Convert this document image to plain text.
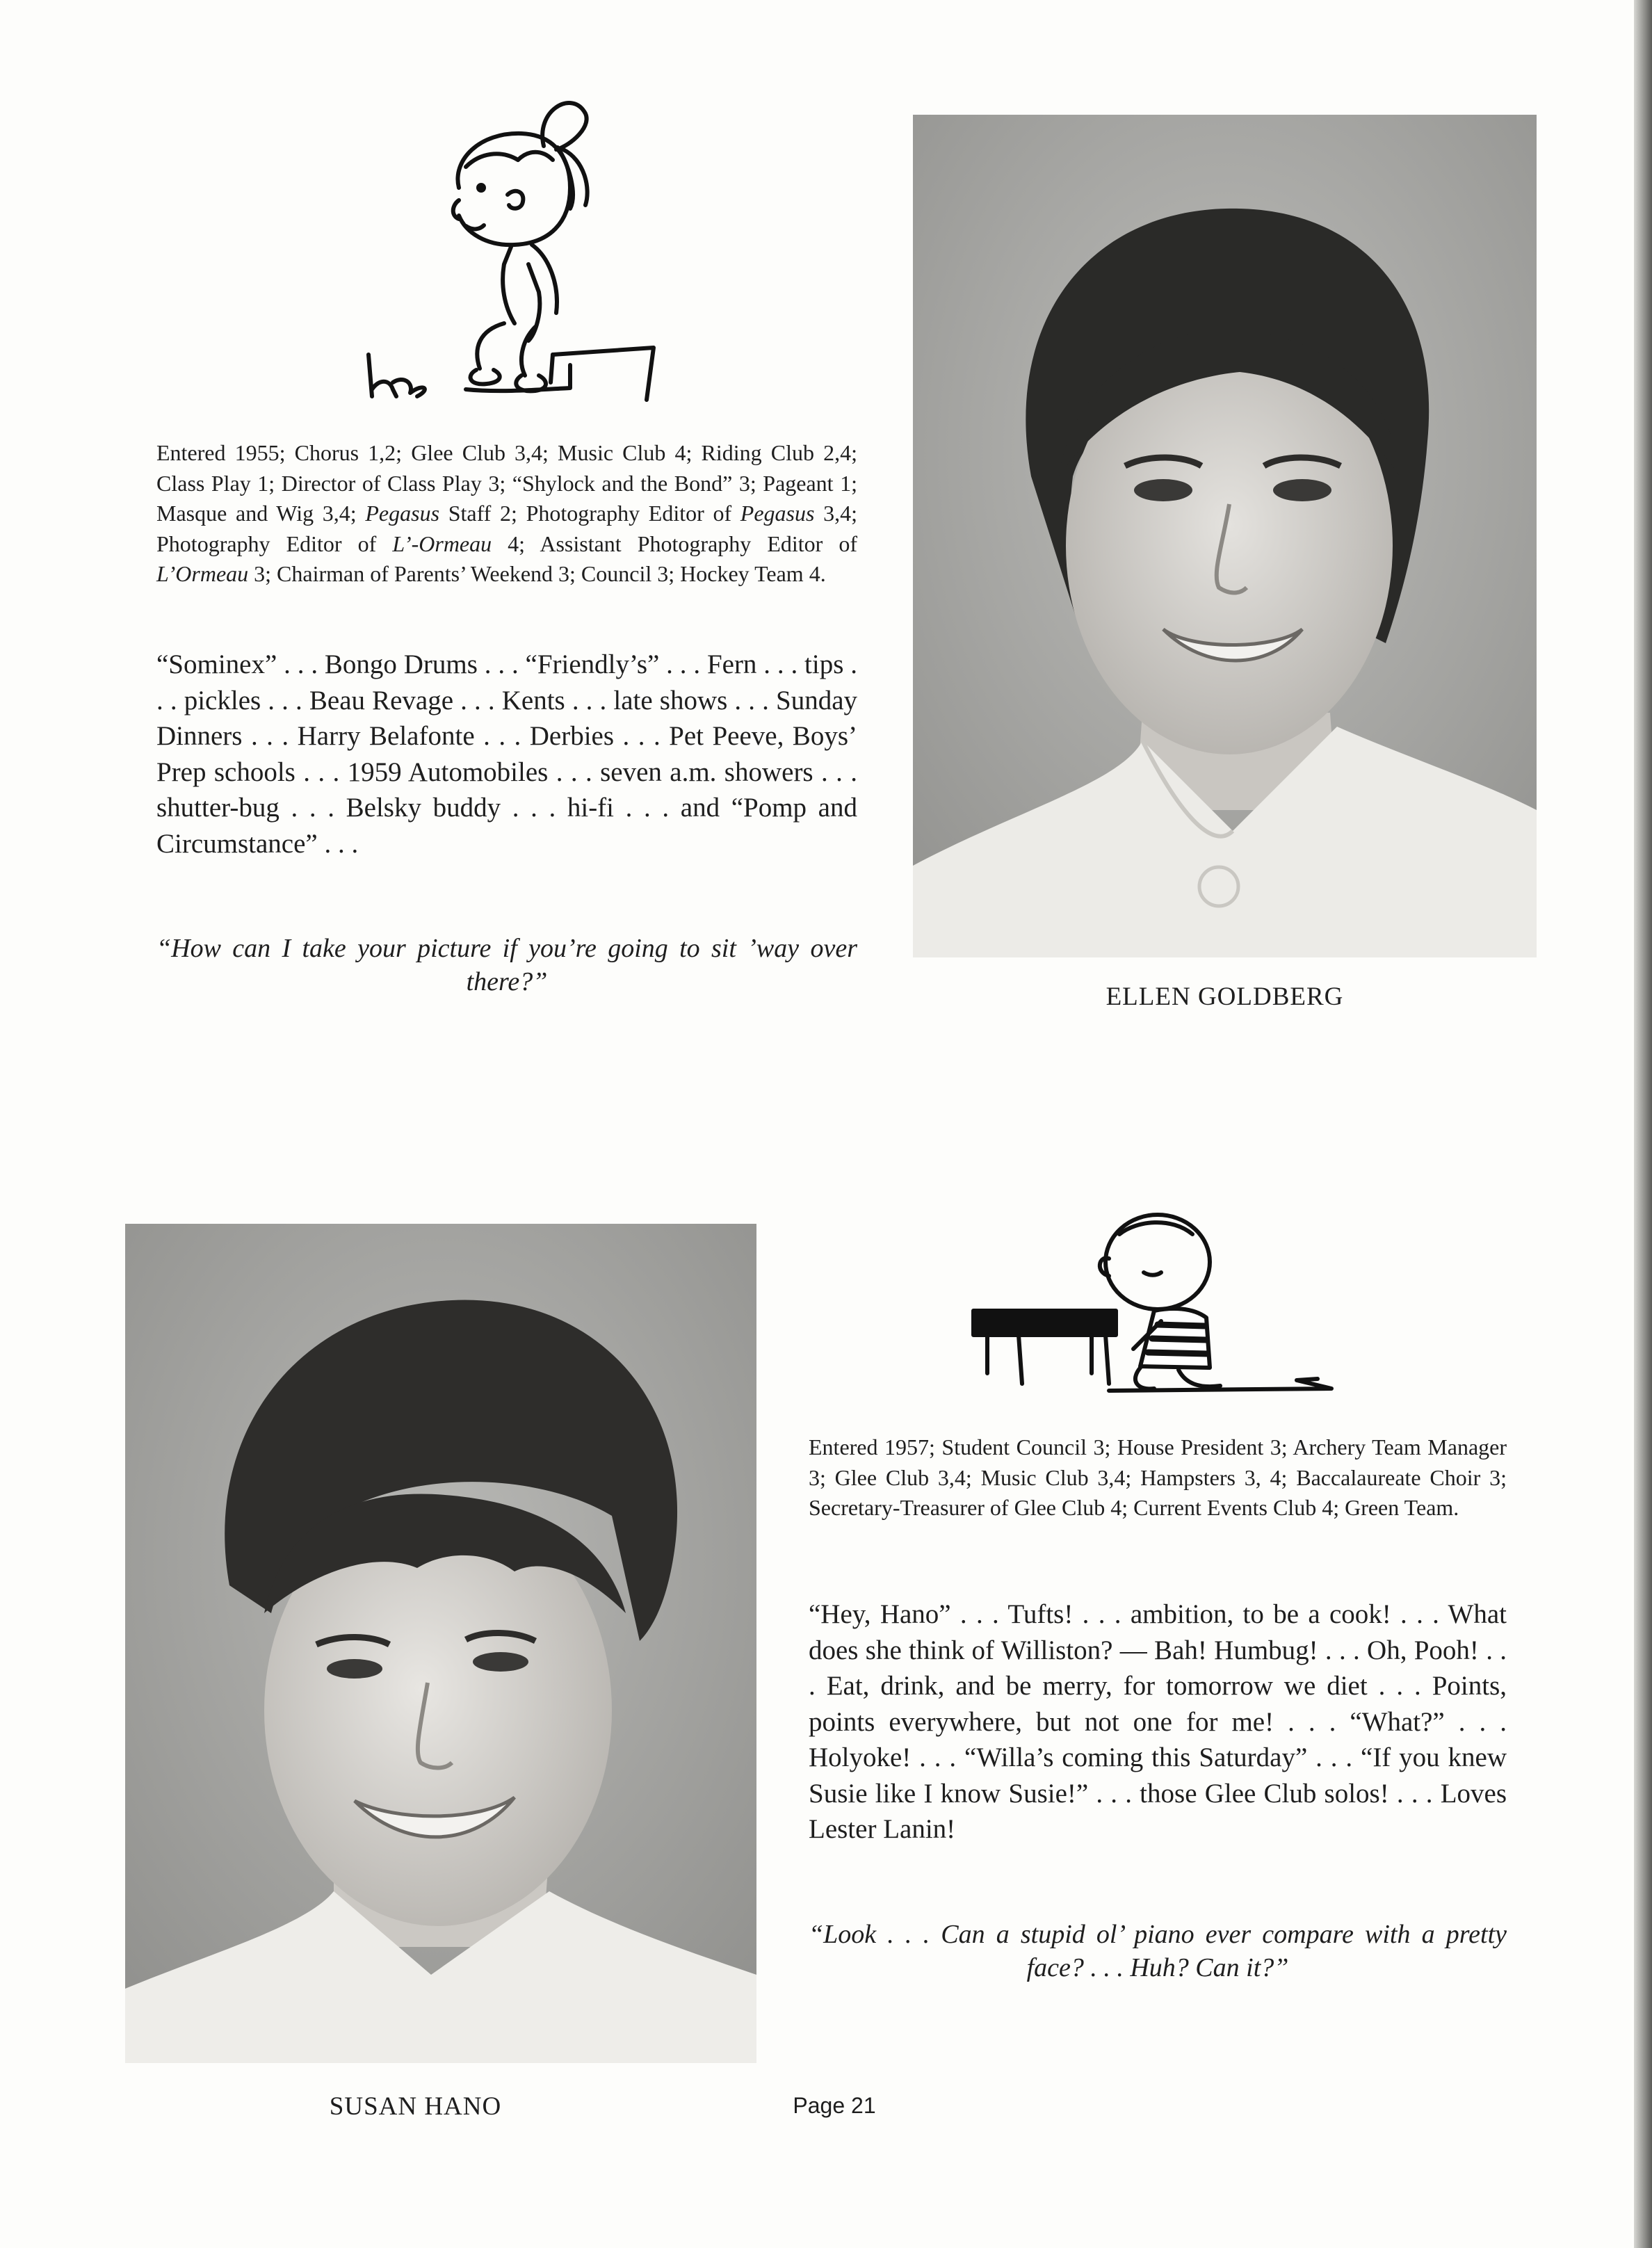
Entered 1955; Chorus 1,2; Glee Club 3,4; Music Club 4; Riding Club 2,4; Class Play 1; Director of Class Play 3; “Shylock and the Bond” 3; Pageant 1; Masque and Wig 3,4; Pegasus Staff 2; Photography Editor of Pegasus 3,4; Photography Editor of L’-Ormeau 4; Assistant Photography Editor of L’Ormeau 3; Chairman of Parents’ Weekend 3; Council 3; Hockey Team 4.

“Sominex” . . . Bongo Drums . . . “Friendly’s” . . . Fern . . . tips . . . pickles . . . Beau Revage . . . Kents . . . late shows . . . Sunday Dinners . . . Harry Belafonte . . . Derbies . . . Pet Peeve, Boys’ Prep schools . . . 1959 Automobiles . . . seven a.m. showers . . . shutter-bug . . . Belsky buddy . . . hi-fi . . . and “Pomp and Circumstance” . . .

“How can I take your picture if you’re going to sit ’way over there?”

ELLEN GOLDBERG

SUSAN HANO

Entered 1957; Student Council 3; House President 3; Archery Team Manager 3; Glee Club 3,4; Music Club 3,4; Hampsters 3, 4; Baccalaureate Choir 3; Secretary-Treasurer of Glee Club 4; Current Events Club 4; Green Team.

“Hey, Hano” . . . Tufts! . . . ambition, to be a cook! . . . What does she think of Williston? — Bah! Humbug! . . . Oh, Pooh! . . . Eat, drink, and be merry, for tomorrow we diet . . . Points, points everywhere, but not one for me! . . . “What?” . . . Holyoke! . . . “Willa’s coming this Saturday” . . . “If you knew Susie like I know Susie!” . . . those Glee Club solos! . . . Loves Lester Lanin!

“Look . . . Can a stupid ol’ piano ever compare with a pretty face? . . . Huh? Can it?”

Page 21
